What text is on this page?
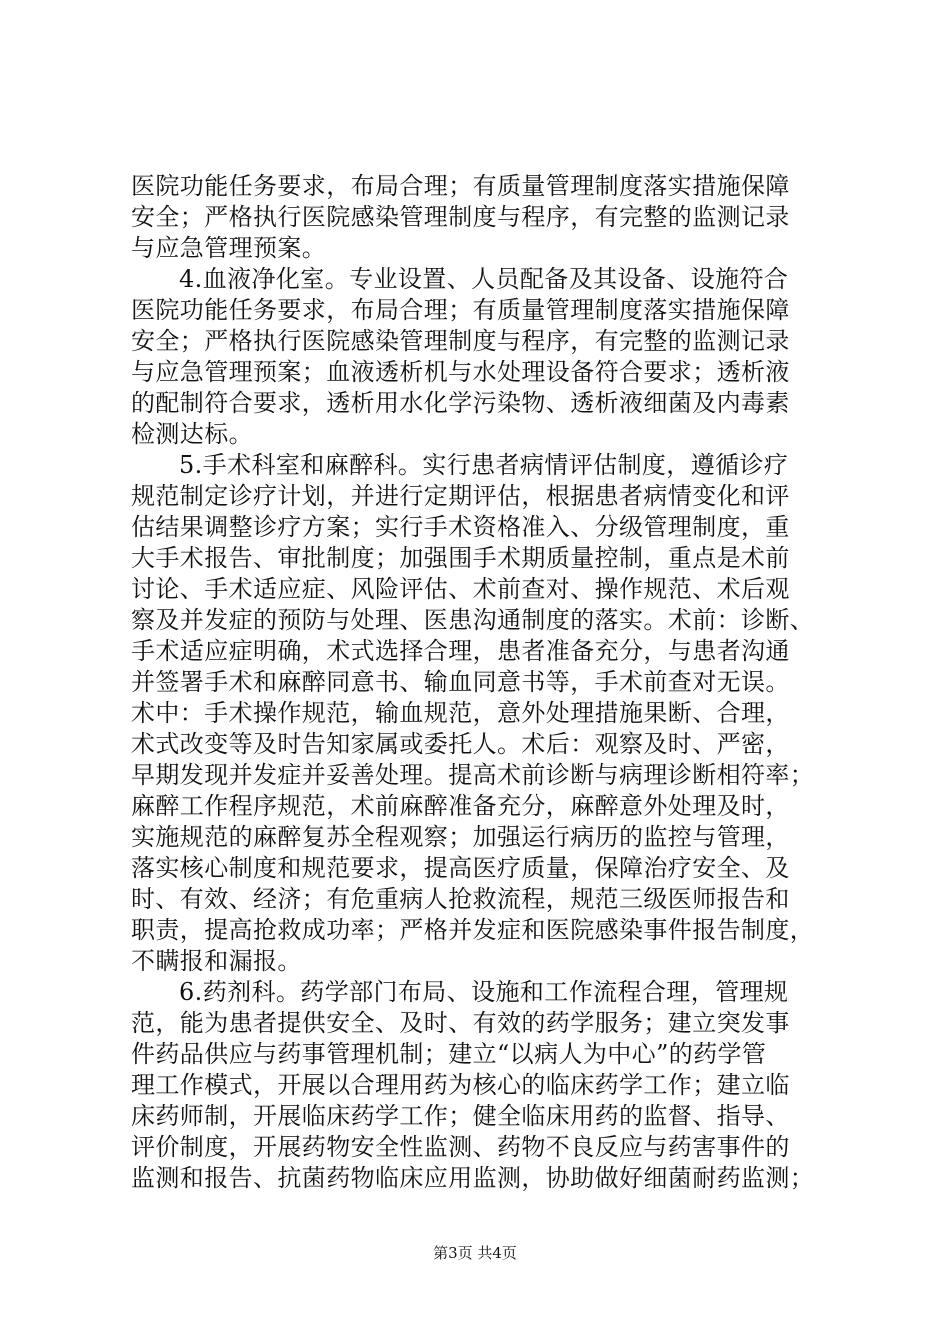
医院功能任务要求，布局合理；有质量管理制度落实措施保障
安全；严格执行医院感染管理制度与程序，有完整的监测记录
与应急管理预案。
4.血液净化室。专业设置、人员配备及其设备、设施符合
医院功能任务要求，布局合理；有质量管理制度落实措施保障
安全；严格执行医院感染管理制度与程序，有完整的监测记录
与应急管理预案；血液透析机与水处理设备符合要求；透析液
的配制符合要求，透析用水化学污染物、透析液细菌及内毒素
检测达标。
5.手术科室和麻醉科。实行患者病情评估制度，遵循诊疗
规范制定诊疗计划，并进行定期评估，根据患者病情变化和评
估结果调整诊疗方案；实行手术资格准入、分级管理制度，重
大手术报告、审批制度；加强围手术期质量控制，重点是术前
讨论、手术适应症、风险评估、术前查对、操作规范、术后观
察及并发症的预防与处理、医患沟通制度的落实。术前：诊断、
手术适应症明确，术式选择合理，患者准备充分，与患者沟通
并签署手术和麻醉同意书、输血同意书等，手术前查对无误。
术中：手术操作规范，输血规范，意外处理措施果断、合理，
术式改变等及时告知家属或委托人。术后：观察及时、严密，
早期发现并发症并妥善处理。提高术前诊断与病理诊断相符率；
麻醉工作程序规范，术前麻醉准备充分，麻醉意外处理及时，
实施规范的麻醉复苏全程观察；加强运行病历的监控与管理，
落实核心制度和规范要求，提高医疗质量，保障治疗安全、及
时、有效、经济；有危重病人抢救流程，规范三级医师报告和
职责，提高抢救成功率；严格并发症和医院感染事件报告制度，
不瞒报和漏报。
6.药剂科。药学部门布局、设施和工作流程合理，管理规
范，能为患者提供安全、及时、有效的药学服务；建立突发事
件药品供应与药事管理机制；建立“以病人为中心”的药学管
理工作模式，开展以合理用药为核心的临床药学工作；建立临
床药师制，开展临床药学工作；健全临床用药的监督、指导、
评价制度，开展药物安全性监测、药物不良反应与药害事件的
监测和报告、抗菌药物临床应用监测，协助做好细菌耐药监测；
第3页 共4页
